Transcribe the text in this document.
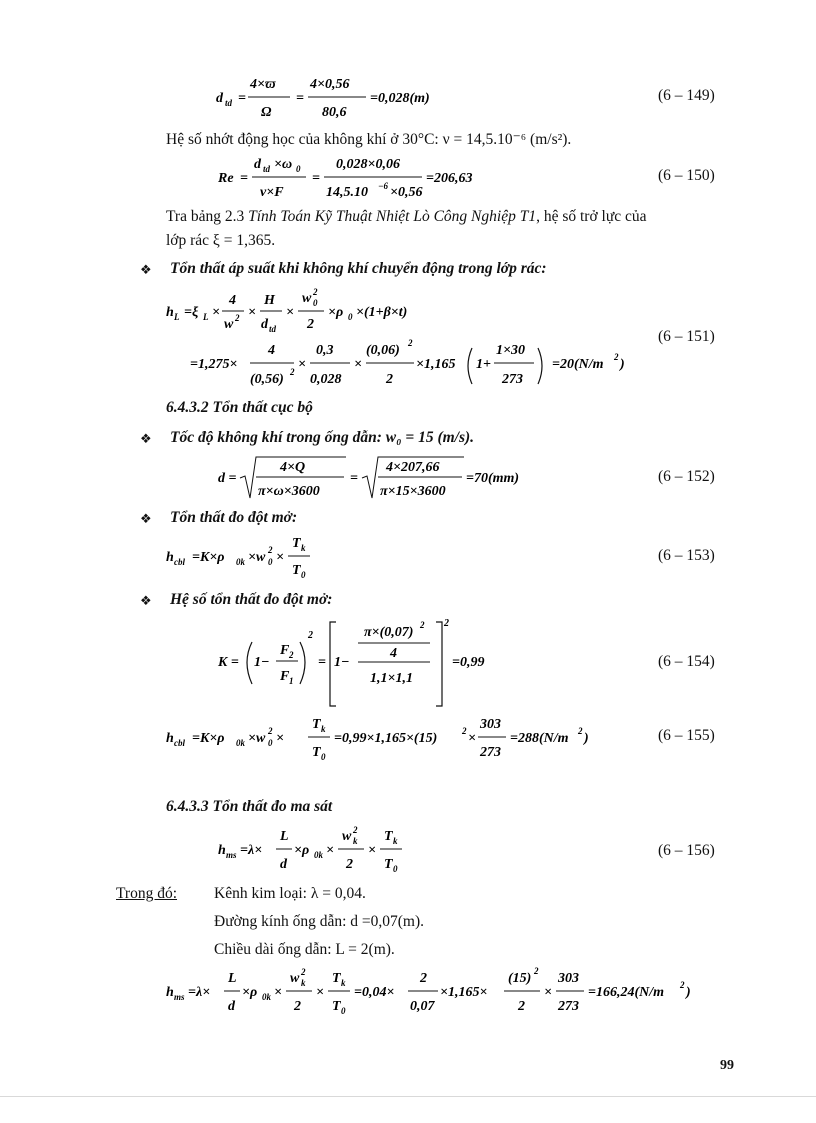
d td =
4×ϖ
Ω
=
4×0,56
80,6
=0,028(m)	(6 – 149)
Hệ số nhớt động học của không khí ở 30°C: ν = 14,5.10⁻⁶ (m/s²).
Re =
d td ×ω 0
ν×F
=
0,028×0,06
14,5.10 −6 ×0,56
=206,63	(6 – 150)
Tra bảng 2.3 Tính Toán Kỹ Thuật Nhiệt Lò Công Nghiệp T1, hệ số trở lực của
lớp rác ξ = 1,365.
❖ Tổn thất áp suất khi không khí chuyển động trong lớp rác:
h L =ξ L ×
4
w 2 ×
H
d td
×
w 0
2
2
×ρ 0 ×(1+β×t)
=1,275×
4
(0,56) 2 ×
0,3
0,028
×
(0,06) 2
2
×1,165 1+
1×30
273
=20(N/m 2 )
(6 – 151)
6.4.3.2 Tổn thất cục bộ
❖ Tốc độ không khí trong ống dẫn: w₀ = 15 (m/s).
d =
4×Q
π×ω×3600
=
4×207,66
π×15×3600
=70(mm)	(6 – 152)
❖ Tổn thất đo đột mở:
h cbl =K×ρ 0k ×w 0
2 ×
T k
T 0
(6 – 153)
❖ Hệ số tổn thất đo đột mở:
K = 1−
F 2
F 1
2
= 1−
π×(0,07) 2
4
1,1×1,1
2
=0,99	(6 – 154)
h cbl =K×ρ 0k ×w 0
2 ×
T k
T 0
=0,99×1,165×(15)	2 ×
303
273
=288(N/m 2 )	(6 – 155)
6.4.3.3 Tổn thất đo ma sát
h ms =λ×
L
d
×ρ 0k ×
w k
2
2
×
T k
T 0
(6 – 156)
Trong đó: Kênh kim loại: λ = 0,04.
Đường kính ống dẫn: d =0,07(m).
Chiều dài ống dẫn: L = 2(m).
h ms =λ×
L
d
×ρ 0k ×
w k
2
2
×
T k
T 0
=0,04×
2
0,07
×1,165×
(15) 2
2
×
303
273
=166,24(N/m 2 )
99
